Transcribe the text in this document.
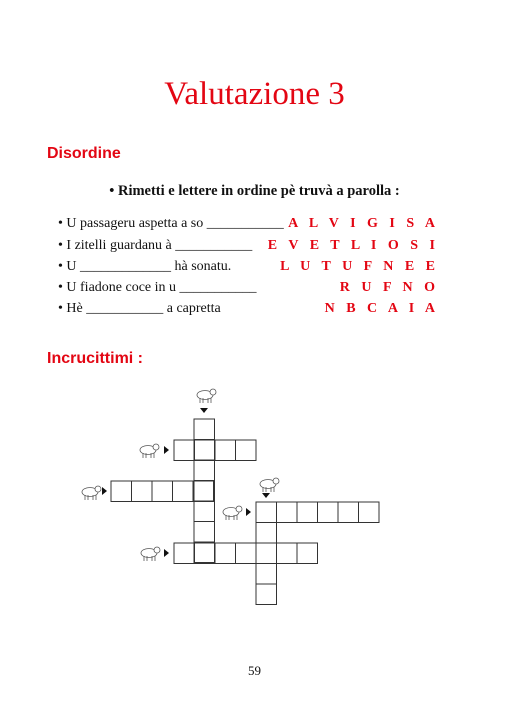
Valutazione 3
Disordine
• Rimetti e lettere in ordine pè truvà a parolla :
• U passageru aspetta a so ___________ A L V I G I S A
• I zitelli guardanu à ___________ E V E T L I O S I
• U _____________ hà sonatu.	L U T U F N E E
• U fiadone coce in u ___________	R U F N O
• Hè ___________ a capretta	N B C A I A
Incrucittimi :
59
